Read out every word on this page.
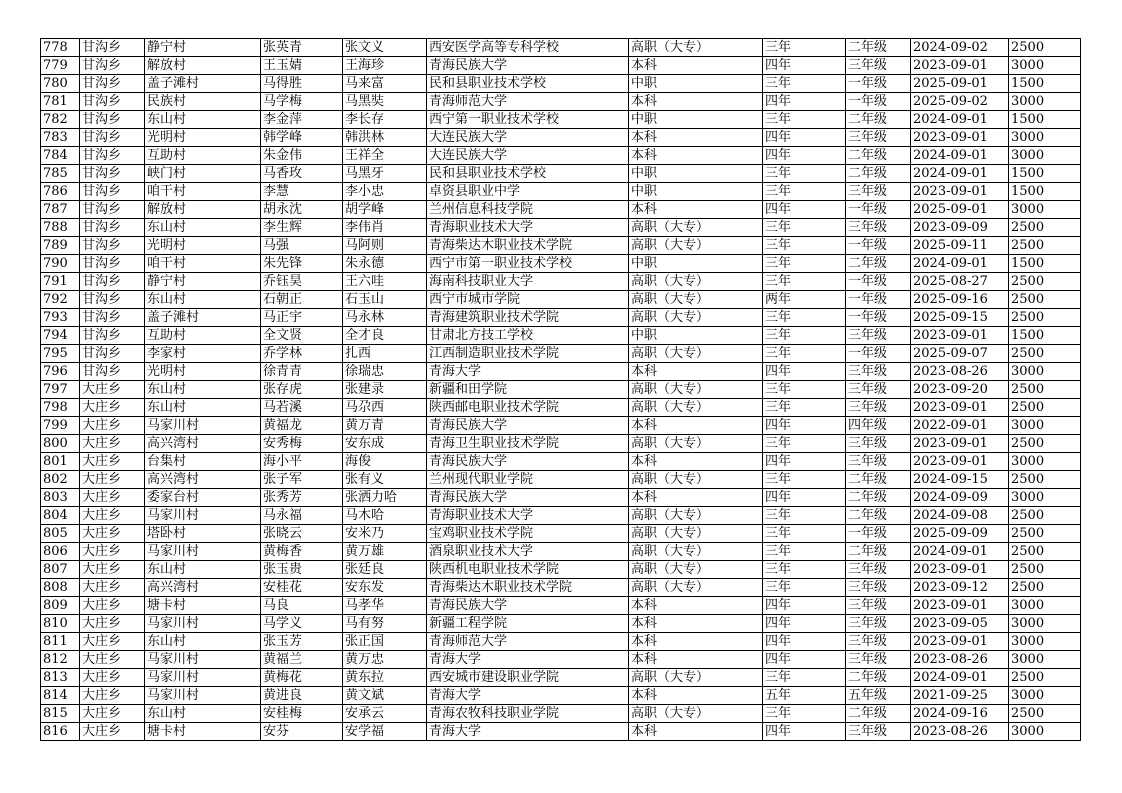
778	甘沟乡	静宁村	张英青	张文义	西安医学高等专科学校	高职（大专）	三年	二年级	2024-09-02	2500
779	甘沟乡	解放村	王玉婧	王海珍	青海民族大学	本科	四年	三年级	2023-09-01	3000
780	甘沟乡	盖子滩村	马得胜	马来富	民和县职业技术学校	中职	三年	一年级	2025-09-01	1500
781	甘沟乡	民族村	马学梅	马黑奘	青海师范大学	本科	四年	一年级	2025-09-02	3000
782	甘沟乡	东山村	李金萍	李长存	西宁第一职业技术学校	中职	三年	二年级	2024-09-01	1500
783	甘沟乡	光明村	韩学峰	韩洪林	大连民族大学	本科	四年	三年级	2023-09-01	3000
784	甘沟乡	互助村	朱金伟	王祥全	大连民族大学	本科	四年	二年级	2024-09-01	3000
785	甘沟乡	峡门村	马香玫	马黑牙	民和县职业技术学校	中职	三年	二年级	2024-09-01	1500
786	甘沟乡	咱干村	李慧	李小忠	卓资县职业中学	中职	三年	三年级	2023-09-01	1500
787	甘沟乡	解放村	胡永沈	胡学峰	兰州信息科技学院	本科	四年	一年级	2025-09-01	3000
788	甘沟乡	东山村	李生辉	李伟肖	青海职业技术大学	高职（大专）	三年	三年级	2023-09-09	2500
789	甘沟乡	光明村	马强	马阿则	青海柴达木职业技术学院	高职（大专）	三年	一年级	2025-09-11	2500
790	甘沟乡	咱干村	朱先锋	朱永德	西宁市第一职业技术学校	中职	三年	二年级	2024-09-01	1500
791	甘沟乡	静宁村	乔钰昊	王六哇	海南科技职业大学	高职（大专）	三年	一年级	2025-08-27	2500
792	甘沟乡	东山村	石朝正	石玉山	西宁市城市学院	高职（大专）	两年	一年级	2025-09-16	2500
793	甘沟乡	盖子滩村	马正宇	马永林	青海建筑职业技术学院	高职（大专）	三年	一年级	2025-09-15	2500
794	甘沟乡	互助村	全文贤	全才良	甘肃北方技工学校	中职	三年	三年级	2023-09-01	1500
795	甘沟乡	李家村	乔学林	扎西	江西制造职业技术学院	高职（大专）	三年	一年级	2025-09-07	2500
796	甘沟乡	光明村	徐青青	徐瑞忠	青海大学	本科	四年	三年级	2023-08-26	3000
797	大庄乡	东山村	张存虎	张建录	新疆和田学院	高职（大专）	三年	三年级	2023-09-20	2500
798	大庄乡	东山村	马若溪	马尕西	陕西邮电职业技术学院	高职（大专）	三年	三年级	2023-09-01	2500
799	大庄乡	马家川村	黄福龙	黄万青	青海民族大学	本科	四年	四年级	2022-09-01	3000
800	大庄乡	高兴湾村	安秀梅	安东成	青海卫生职业技术学院	高职（大专）	三年	三年级	2023-09-01	2500
801	大庄乡	台集村	海小平	海俊	青海民族大学	本科	四年	三年级	2023-09-01	3000
802	大庄乡	高兴湾村	张子军	张有义	兰州现代职业学院	高职（大专）	三年	二年级	2024-09-15	2500
803	大庄乡	委家台村	张秀芳	张洒力哈	青海民族大学	本科	四年	二年级	2024-09-09	3000
804	大庄乡	马家川村	马永福	马木哈	青海职业技术大学	高职（大专）	三年	二年级	2024-09-08	2500
805	大庄乡	塔卧村	张晓云	安米乃	宝鸡职业技术学院	高职（大专）	三年	一年级	2025-09-09	2500
806	大庄乡	马家川村	黄梅香	黄万雄	酒泉职业技术大学	高职（大专）	三年	二年级	2024-09-01	2500
807	大庄乡	东山村	张玉贵	张廷良	陕西机电职业技术学院	高职（大专）	三年	三年级	2023-09-01	2500
808	大庄乡	高兴湾村	安桂花	安东发	青海柴达木职业技术学院	高职（大专）	三年	三年级	2023-09-12	2500
809	大庄乡	塘卡村	马良	马孝华	青海民族大学	本科	四年	三年级	2023-09-01	3000
810	大庄乡	马家川村	马学义	马有努	新疆工程学院	本科	四年	三年级	2023-09-05	3000
811	大庄乡	东山村	张玉芳	张正国	青海师范大学	本科	四年	三年级	2023-09-01	3000
812	大庄乡	马家川村	黄福兰	黄万忠	青海大学	本科	四年	三年级	2023-08-26	3000
813	大庄乡	马家川村	黄梅花	黄东拉	西安城市建设职业学院	高职（大专）	三年	二年级	2024-09-01	2500
814	大庄乡	马家川村	黄进良	黄文斌	青海大学	本科	五年	五年级	2021-09-25	3000
815	大庄乡	东山村	安桂梅	安承云	青海农牧科技职业学院	高职（大专）	三年	二年级	2024-09-16	2500
816	大庄乡	塘卡村	安芬	安学福	青海大学	本科	四年	三年级	2023-08-26	3000
